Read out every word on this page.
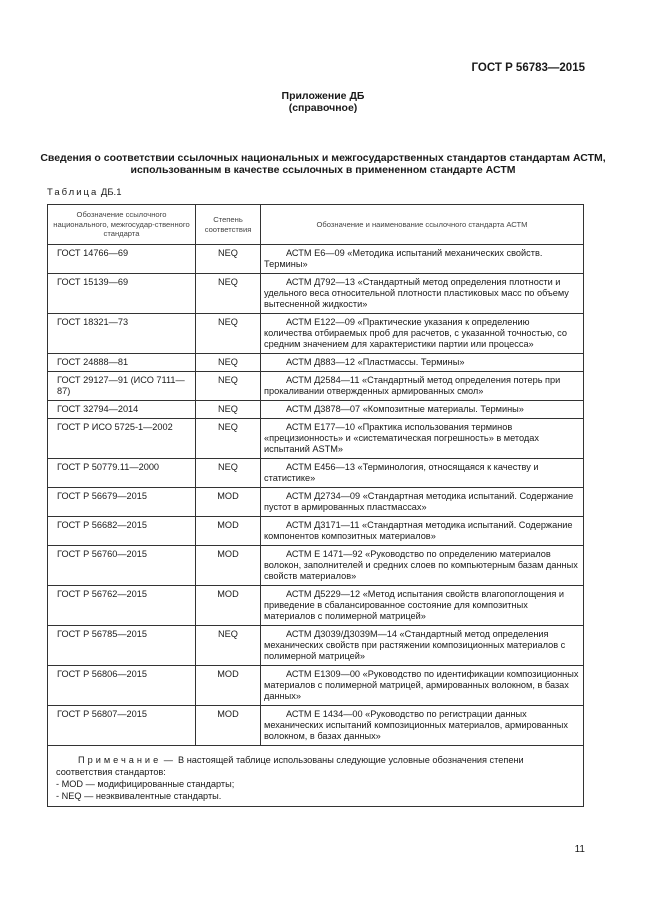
ГОСТ Р 56783—2015
Приложение ДБ
(справочное)
Сведения о соответствии ссылочных национальных и межгосударственных стандартов стандартам АСТМ, использованным в качестве ссылочных в примененном стандарте АСТМ
Таблица ДБ.1
Обозначение ссылочного национального, межгосудар-ственного стандарта	Степень соответствия	Обозначение и наименование ссылочного стандарта АСТМ
ГОСТ 14766—69	NEQ	АСТМ Е6—09 «Методика испытаний механических свойств. Термины»
ГОСТ 15139—69	NEQ	АСТМ Д792—13 «Стандартный метод определения плотности и удельного веса относительной плотности пластиковых масс по объему вытесненной жидкости»
ГОСТ 18321—73	NEQ	АСТМ Е122—09 «Практические указания к определению количества отбираемых проб для расчетов, с указанной точностью, со средним значением для характеристики партии или процесса»
ГОСТ 24888—81	NEQ	АСТМ Д883—12 «Пластмассы. Термины»
ГОСТ 29127—91 (ИСО 7111—87)	NEQ	АСТМ Д2584—11 «Стандартный метод определения потерь при прокаливании отвержденных армированных смол»
ГОСТ 32794—2014	NEQ	АСТМ Д3878—07 «Композитные материалы. Термины»
ГОСТ Р ИСО 5725-1—2002	NEQ	АСТМ Е177—10 «Практика использования терминов «прецизионность» и «систематическая погрешность» в методах испытаний ASTM»
ГОСТ Р 50779.11—2000	NEQ	АСТМ Е456—13 «Терминология, относящаяся к качеству и статистике»
ГОСТ Р 56679—2015	MOD	АСТМ Д2734—09 «Стандартная методика испытаний. Содержание пустот в армированных пластмассах»
ГОСТ Р 56682—2015	MOD	АСТМ Д3171—11 «Стандартная методика испытаний. Содержание компонентов композитных материалов»
ГОСТ Р 56760—2015	MOD	АСТМ Е 1471—92 «Руководство по определению материалов волокон, заполнителей и средних слоев по компьютерным базам данных свойств материалов»
ГОСТ Р 56762—2015	MOD	АСТМ Д5229—12 «Метод испытания свойств влагопоглощения и приведение в сбалансированное состояние для композитных материалов с полимерной матрицей»
ГОСТ Р 56785—2015	NEQ	АСТМ Д3039/Д3039М—14 «Стандартный метод определения механических свойств при растяжении композиционных материалов с полимерной матрицей»
ГОСТ Р 56806—2015	MOD	АСТМ Е1309—00 «Руководство по идентификации композиционных материалов с полимерной матрицей, армированных волокном, в базах данных»
ГОСТ Р 56807—2015	MOD	АСТМ Е 1434—00 «Руководство по регистрации данных механических испытаний композиционных материалов, армированных волокном, в базах данных»

Примечание — В настоящей таблице использованы следующие условные обозначения степени соответствия стандартов:
- MOD — модифицированные стандарты;
- NEQ — неэквивалентные стандарты.		
11
